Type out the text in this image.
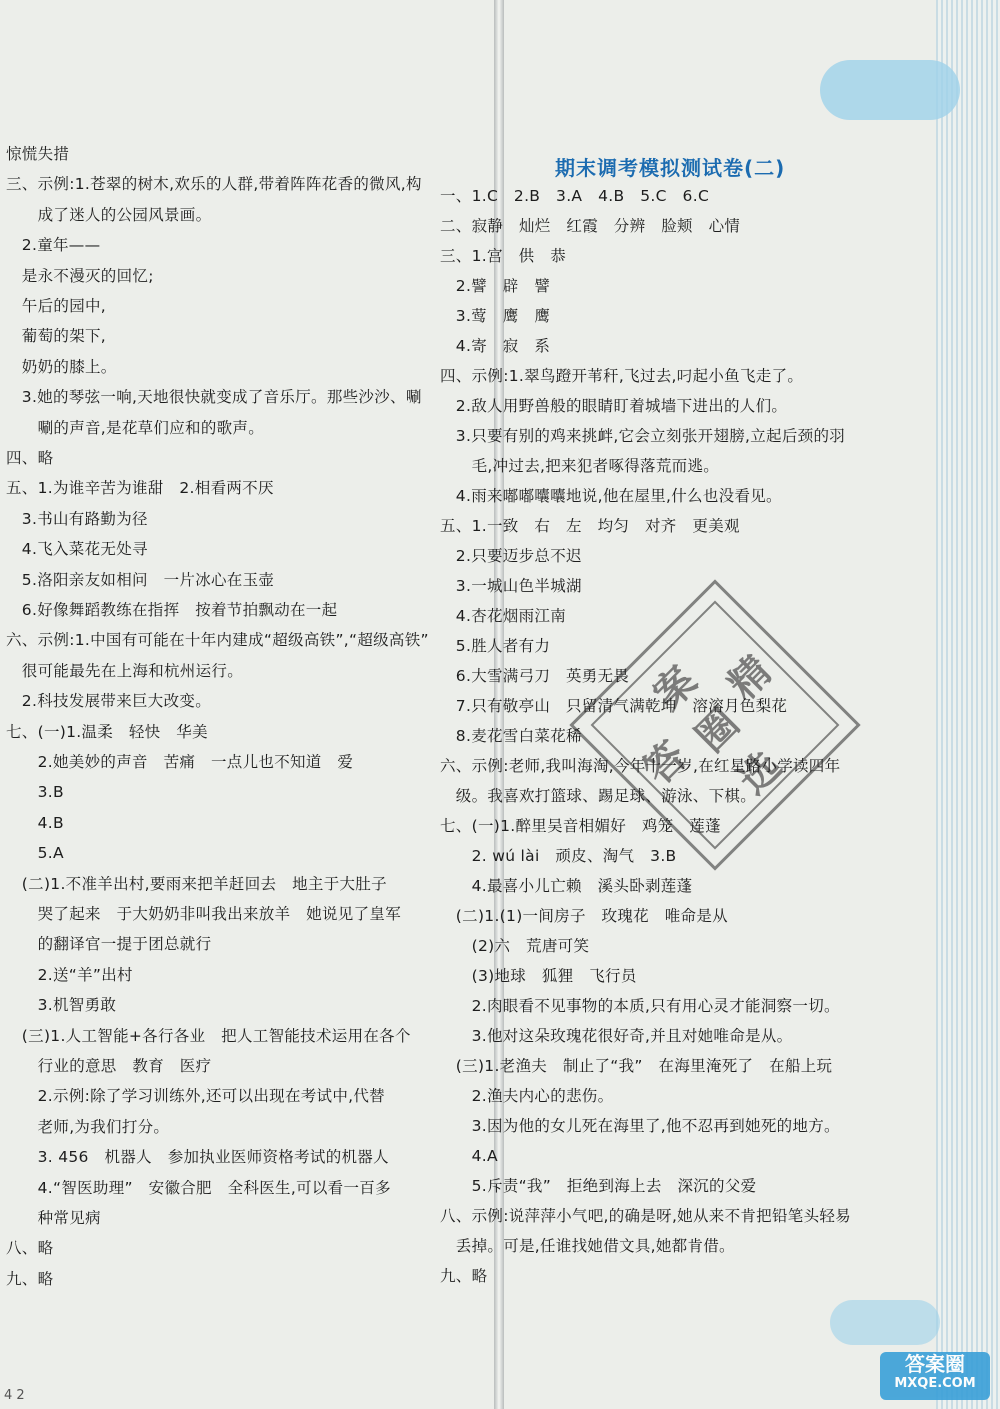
惊慌失措
三、示例:1.苍翠的树木,欢乐的人群,带着阵阵花香的微风,构
　　成了迷人的公园风景画。
　2.童年——
　是永不漫灭的回忆;
　午后的园中,
　葡萄的架下,
　奶奶的膝上。
　3.她的琴弦一响,天地很快就变成了音乐厅。那些沙沙、唰
　　唰的声音,是花草们应和的歌声。
四、略
五、1.为谁辛苦为谁甜　2.相看两不厌
　3.书山有路勤为径
　4.飞入菜花无处寻
　5.洛阳亲友如相问　一片冰心在玉壶
　6.好像舞蹈教练在指挥　按着节拍飘动在一起
六、示例:1.中国有可能在十年内建成“超级高铁”,“超级高铁”
　很可能最先在上海和杭州运行。
　2.科技发展带来巨大改变。
七、(一)1.温柔　轻快　华美
　　2.她美妙的声音　苦痛　一点儿也不知道　爱
　　3.B
　　4.B
　　5.A
　(二)1.不准羊出村,要雨来把羊赶回去　地主于大肚子
　　哭了起来　于大奶奶非叫我出来放羊　她说见了皇军
　　的翻译官一提于团总就行
　　2.送“羊”出村
　　3.机智勇敢
　(三)1.人工智能+各行各业　把人工智能技术运用在各个
　　行业的意思　教育　医疗
　　2.示例:除了学习训练外,还可以出现在考试中,代替
　　老师,为我们打分。
　　3. 456　机器人　参加执业医师资格考试的机器人
　　4.“智医助理”　安徽合肥　全科医生,可以看一百多
　　种常见病
八、略
九、略
期末调考模拟测试卷(二)
一、1.C　2.B　3.A　4.B　5.C　6.C
二、寂静　灿烂　红霞　分辨　脸颊　心情
三、1.宫　供　恭
　2.譬　辟　譬
　3.莺　鹰　鹰
　4.寄　寂　系
四、示例:1.翠鸟蹬开苇秆,飞过去,叼起小鱼飞走了。
　2.敌人用野兽般的眼睛盯着城墙下进出的人们。
　3.只要有别的鸡来挑衅,它会立刻张开翅膀,立起后颈的羽
　　毛,冲过去,把来犯者啄得落荒而逃。
　4.雨来嘟嘟囔囔地说,他在屋里,什么也没看见。
五、1.一致　右　左　均匀　对齐　更美观
　2.只要迈步总不迟
　3.一城山色半城湖
　4.杏花烟雨江南
　5.胜人者有力
　6.大雪满弓刀　英勇无畏
　7.只有敬亭山　只留清气满乾坤　溶溶月色梨花
　8.麦花雪白菜花稀
六、示例:老师,我叫海淘,今年十一岁,在红星路小学读四年
　级。我喜欢打篮球、踢足球、游泳、下棋。
七、(一)1.醉里吴音相媚好　鸡笼　莲蓬
　　2. wú lài　顽皮、淘气　3.B
　　4.最喜小儿亡赖　溪头卧剥莲蓬
　(二)1.(1)一间房子　玫瑰花　唯命是从
　　(2)六　荒唐可笑
　　(3)地球　狐狸　飞行员
　　2.肉眼看不见事物的本质,只有用心灵才能洞察一切。
　　3.他对这朵玫瑰花很好奇,并且对她唯命是从。
　(三)1.老渔夫　制止了“我”　在海里淹死了　在船上玩
　　2.渔夫内心的悲伤。
　　3.因为他的女儿死在海里了,他不忍再到她死的地方。
　　4.A
　　5.斥责“我”　拒绝到海上去　深沉的父爱
八、示例:说萍萍小气吧,的确是呀,她从来不肯把铅笔头轻易
　丢掉。可是,任谁找她借文具,她都肯借。
九、略
答
案
圈
精
选
答案圈
MXQE.COM
4 2
